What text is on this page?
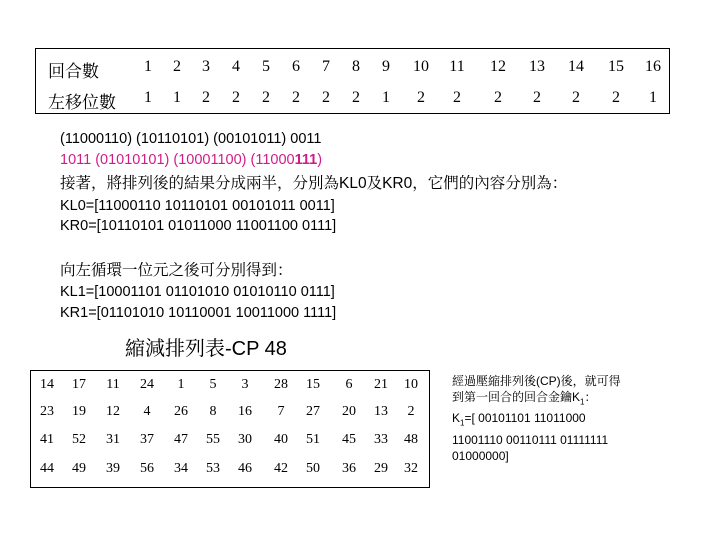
回合數	1	2	3	4	5	6	7	8	9	10 11 12 13 14 15 16
左移位數	1	1	2	2	2	2	2	2	1	2	2	2	2	2	2	1
(11000110) (10110101) (00101011) 0011
1011 (01010101) (10001100) (11000111)
接著，將排列後的結果分成兩半，分別為KL0及KR0，它們的內容分別為：
KL0=[11000110 10110101 00101011 0011]
KR0=[10110101 01011000 11001100 0111]
向左循環一位元之後可分別得到：
KL1=[10001101 01101010 01010110 0111]
KR1=[01101010 10110001 10011000 1111]
縮減排列表-CP 48
14	17	11	24	1	5	3	28	15	6	21	10
23	19	12	4	26	8	16	7	27	20	13	2
41	52	31	37	47	55	30	40	51	45	33	48
44	49	39	56	34	53	46	42	50	36	29	32
經過壓縮排列後(CP)後，就可得
到第一回合的回合金鑰$K_1$：
$K_1=$[ 00101101 11011000
11001110 00110111 01111111
01000000]
